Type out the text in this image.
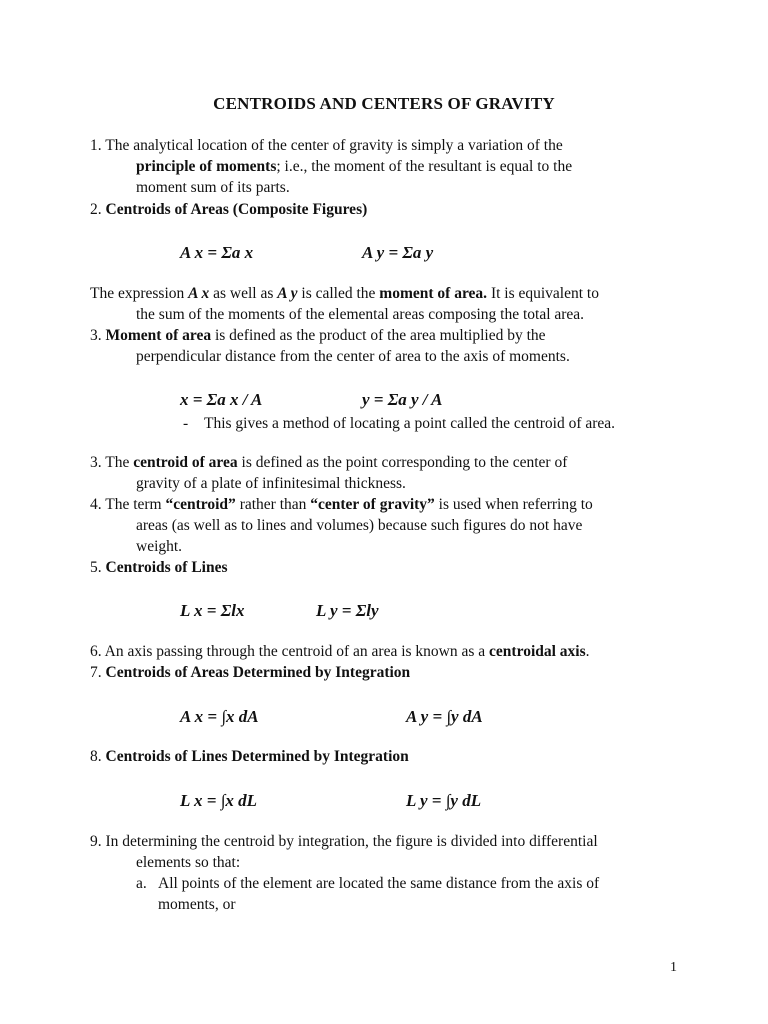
CENTROIDS AND CENTERS OF GRAVITY
1. The analytical location of the center of gravity is simply a variation of the
principle of moments; i.e., the moment of the resultant is equal to the
moment sum of its parts.
2. Centroids of Areas (Composite Figures)
A x = Σa x	A y = Σa y
The expression A x as well as A y is called the moment of area. It is equivalent to
the sum of the moments of the elemental areas composing the total area.
3. Moment of area is defined as the product of the area multiplied by the
perpendicular distance from the center of area to the axis of moments.
x = Σa x / A	y = Σa y / A
- This gives a method of locating a point called the centroid of area.
3. The centroid of area is defined as the point corresponding to the center of
gravity of a plate of infinitesimal thickness.
4. The term “centroid” rather than “center of gravity” is used when referring to
areas (as well as to lines and volumes) because such figures do not have
weight.
5. Centroids of Lines
L x = Σlx	L y = Σly
6. An axis passing through the centroid of an area is known as a centroidal axis.
7. Centroids of Areas Determined by Integration
A x = ∫x dA	A y = ∫y dA
8. Centroids of Lines Determined by Integration
L x = ∫x dL	L y = ∫y dL
9. In determining the centroid by integration, the figure is divided into differential
elements so that:
a. All points of the element are located the same distance from the axis of
moments, or
1
